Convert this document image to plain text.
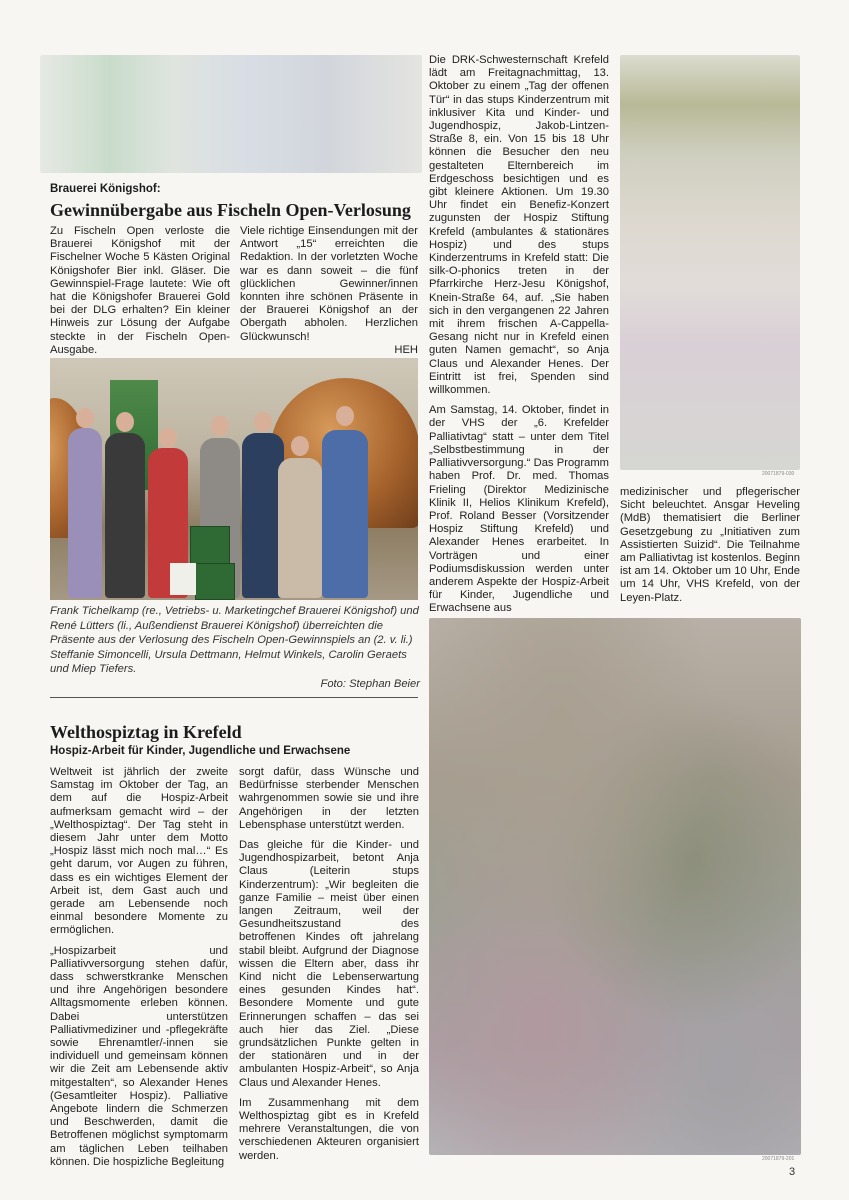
20071879-030
20071879-201
Brauerei Königshof:
Gewinnübergabe aus Fischeln Open-Verlosung

Zu Fischeln Open verloste die Brauerei Königshof mit der Fischelner Woche 5 Kästen Original Königshofer Bier inkl. Gläser. Die Gewinnspiel-Frage lautete: Wie oft hat die Königshofer Brauerei Gold bei der DLG erhalten? Ein kleiner Hinweis zur Lösung der Aufgabe steckte in der Fischeln Open-Ausgabe.

Viele richtige Einsendungen mit der Antwort „15“ erreichten die Redaktion. In der vorletzten Woche war es dann soweit – die fünf glücklichen Gewinner/innen konnten ihre schönen Präsente in der Brauerei Königshof an der Obergath abholen. Herzlichen Glückwunsch!

HEH
Frank Tichelkamp (re., Vetriebs- u. Marketingchef Brauerei Königshof) und René Lütters (li., Außendienst Brauerei Königshof) überreichten die Präsente aus der Verlosung des Fischeln Open-Gewinnspiels an (2. v. li.) Steffanie Simoncelli, Ursula Dettmann, Helmut Winkels, Carolin Geraets und Miep Tiefers.
Foto: Stephan Beier
Welthospiztag in Krefeld
Hospiz-Arbeit für Kinder, Jugendliche und Erwachsene

Weltweit ist jährlich der zweite Samstag im Oktober der Tag, an dem auf die Hospiz-Arbeit aufmerksam gemacht wird – der „Welthospiztag“. Der Tag steht in diesem Jahr unter dem Motto „Hospiz lässt mich noch mal…“ Es geht darum, vor Augen zu führen, dass es ein wichtiges Element der Arbeit ist, dem Gast auch und gerade am Lebensende noch einmal besondere Momente zu ermöglichen.

„Hospizarbeit und Palliativversorgung stehen dafür, dass schwerstkranke Menschen und ihre Angehörigen besondere Alltagsmomente erleben können. Dabei unterstützen Palliativmediziner und -pflegekräfte sowie Ehrenamtler/-innen sie individuell und gemeinsam können wir die Zeit am Lebensende aktiv mitgestalten“, so Alexander Henes (Gesamtleiter Hospiz). Palliative Angebote lindern die Schmerzen und Beschwerden, damit die Betroffenen möglichst symptomarm am täglichen Leben teilhaben können. Die hospizliche Begleitung

sorgt dafür, dass Wünsche und Bedürfnisse sterbender Menschen wahrgenommen sowie sie und ihre Angehörigen in der letzten Lebensphase unterstützt werden.

Das gleiche für die Kinder- und Jugendhospizarbeit, betont Anja Claus (Leiterin stups Kinderzentrum): „Wir begleiten die ganze Familie – meist über einen langen Zeitraum, weil der Gesundheitszustand des betroffenen Kindes oft jahrelang stabil bleibt. Aufgrund der Diagnose wissen die Eltern aber, dass ihr Kind nicht die Lebenserwartung eines gesunden Kindes hat“. Besondere Momente und gute Erinnerungen schaffen – das sei auch hier das Ziel. „Diese grundsätzlichen Punkte gelten in der stationären und in der ambulanten Hospiz-Arbeit“, so Anja Claus und Alexander Henes.

Im Zusammenhang mit dem Welthospiztag gibt es in Krefeld mehrere Veranstaltungen, die von verschiedenen Akteuren organisiert werden.

Die DRK-Schwesternschaft Krefeld lädt am Freitagnachmittag, 13. Oktober zu einem „Tag der offenen Tür“ in das stups Kinderzentrum mit inklusiver Kita und Kinder- und Jugendhospiz, Jakob-Lintzen-Straße 8, ein. Von 15 bis 18 Uhr können die Besucher den neu gestalteten Elternbereich im Erdgeschoss besichtigen und es gibt kleinere Aktionen. Um 19.30 Uhr findet ein Benefiz-Konzert zugunsten der Hospiz Stiftung Krefeld (ambulantes & stationäres Hospiz) und des stups Kinderzentrums in Krefeld statt: Die silk-O-phonics treten in der Pfarrkirche Herz-Jesu Königshof, Knein-Straße 64, auf. „Sie haben sich in den vergangenen 22 Jahren mit ihrem frischen A-Cappella-Gesang nicht nur in Krefeld einen guten Namen gemacht“, so Anja Claus und Alexander Henes. Der Eintritt ist frei, Spenden sind willkommen.

Am Samstag, 14. Oktober, findet in der VHS der „6. Krefelder Palliativtag“ statt – unter dem Titel „Selbstbestimmung in der Palliativversorgung.“ Das Programm haben Prof. Dr. med. Thomas Frieling (Direktor Medizinische Klinik II, Helios Klinikum Krefeld), Prof. Roland Besser (Vorsitzender Hospiz Stiftung Krefeld) und Alexander Henes erarbeitet. In Vorträgen und einer Podiumsdiskussion werden unter anderem Aspekte der Hospiz-Arbeit für Kinder, Jugendliche und Erwachsene aus

medizinischer und pflegerischer Sicht beleuchtet. Ansgar Heveling (MdB) thematisiert die Berliner Gesetzgebung zu „Initiativen zum Assistierten Suizid“. Die Teilnahme am Palliativtag ist kostenlos. Beginn ist am 14. Oktober um 10 Uhr, Ende um 14 Uhr, VHS Krefeld, von der Leyen-Platz.

3
